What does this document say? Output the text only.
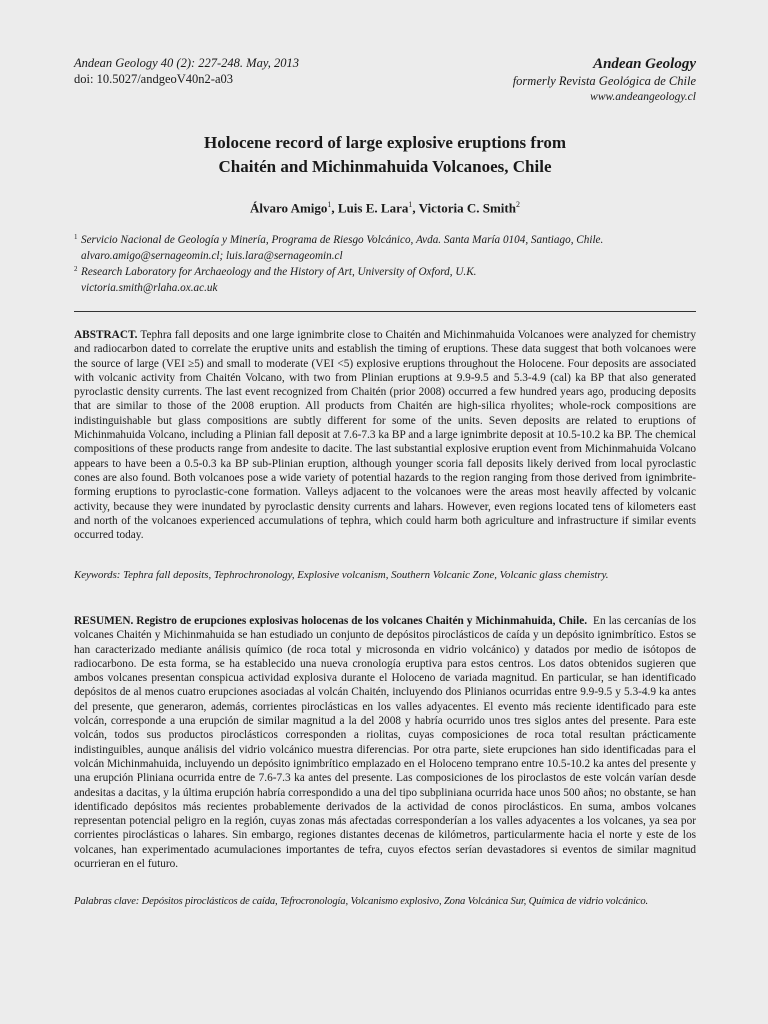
Andean Geology 40 (2): 227-248. May, 2013
doi: 10.5027/andgeoV40n2-a03
Andean Geology
formerly Revista Geológica de Chile
www.andeangeology.cl
Holocene record of large explosive eruptions from
Chaitén and Michinmahuida Volcanoes, Chile
Álvaro Amigo$^1$, Luis E. Lara$^1$, Victoria C. Smith$^2$
1 Servicio Nacional de Geología y Minería, Programa de Riesgo Volcánico, Avda. Santa María 0104, Santiago, Chile.
alvaro.amigo@sernageomin.cl; luis.lara@sernageomin.cl
2 Research Laboratory for Archaeology and the History of Art, University of Oxford, U.K.
victoria.smith@rlaha.ox.ac.uk
ABSTRACT. Tephra fall deposits and one large ignimbrite close to Chaitén and Michinmahuida Volcanoes were analyzed for chemistry and radiocarbon dated to correlate the eruptive units and establish the timing of eruptions. These data suggest that both volcanoes were the source of large (VEI ≥5) and small to moderate (VEI <5) explosive eruptions throughout the Holocene. Four deposits are associated with volcanic activity from Chaitén Volcano, with two from Plinian eruptions at 9.9-9.5 and 5.3-4.9 (cal) ka BP that also generated pyroclastic density currents. The last event recognized from Chaitén (prior 2008) occurred a few hundred years ago, producing deposits that are similar to those of the 2008 eruption. All products from Chaitén are high-silica rhyolites; whole-rock compositions are indistinguishable but glass compositions are subtly different for some of the units. Seven deposits are related to eruptions of Michinmahuida Volcano, including a Plinian fall deposit at 7.6-7.3 ka BP and a large ignimbrite deposit at 10.5-10.2 ka BP. The chemical compositions of these products range from andesite to dacite. The last substantial explosive eruption event from Michinmahuida Volcano appears to have been a 0.5-0.3 ka BP sub-Plinian eruption, although younger scoria fall deposits likely derived from local pyroclastic cones are also found. Both volcanoes pose a wide variety of potential hazards to the region ranging from those derived from ignimbrite-forming eruptions to pyroclastic-cone formation. Valleys adjacent to the volcanoes were the areas most heavily affected by volcanic activity, because they were inundated by pyroclastic density currents and lahars. However, even regions located tens of kilometers east and north of the volcanoes experienced accumulations of tephra, which could harm both agriculture and infrastructure if similar events occurred today.
Keywords: Tephra fall deposits, Tephrochronology, Explosive volcanism, Southern Volcanic Zone, Volcanic glass chemistry.
RESUMEN. Registro de erupciones explosivas holocenas de los volcanes Chaitén y Michinmahuida, Chile. En las cercanías de los volcanes Chaitén y Michinmahuida se han estudiado un conjunto de depósitos piroclásticos de caída y un depósito ignimbrítico. Estos se han caracterizado mediante análisis químico (de roca total y microsonda en vidrio volcánico) y datados por medio de isótopos de radiocarbono. De esta forma, se ha establecido una nueva cronología eruptiva para estos centros. Los datos obtenidos sugieren que ambos volcanes presentan conspicua actividad explosiva durante el Holoceno de variada magnitud. En particular, se han identificado depósitos de al menos cuatro erupciones asociadas al volcán Chaitén, incluyendo dos Plinianos ocurridas entre 9.9-9.5 y 5.3-4.9 ka antes del presente, que generaron, además, corrientes piroclásticas en los valles adyacentes. El evento más reciente identificado para este volcán, corresponde a una erupción de similar magnitud a la del 2008 y habría ocurrido unos tres siglos antes del presente. Para este volcán, todos sus productos piroclásticos corresponden a riolitas, cuyas composiciones de roca total resultan prácticamente indistinguibles, aunque análisis del vidrio volcánico muestra diferencias. Por otra parte, siete erupciones han sido identificadas para el volcán Michinmahuida, incluyendo un depósito ignimbrítico emplazado en el Holoceno temprano entre 10.5-10.2 ka antes del presente y una erupción Pliniana ocurrida entre de 7.6-7.3 ka antes del presente. Las composiciones de los piroclastos de este volcán varían desde andesitas a dacitas, y la última erupción habría correspondido a una del tipo subpliniana ocurrida hace unos 500 años; no obstante, se han identificado depósitos más recientes probablemente derivados de la actividad de conos piroclásticos. En suma, ambos volcanes representan potencial peligro en la región, cuyas zonas más afectadas corresponderían a los valles adyacentes a los volcanes, ya sea por corrientes piroclásticas o lahares. Sin embargo, regiones distantes decenas de kilómetros, particularmente hacia el norte y este de los volcanes, han experimentado acumulaciones importantes de tefra, cuyos efectos serían devastadores si eventos de similar magnitud ocurrieran en el futuro.
Palabras clave: Depósitos piroclásticos de caída, Tefrocronología, Volcanismo explosivo, Zona Volcánica Sur, Química de vidrio volcánico.
